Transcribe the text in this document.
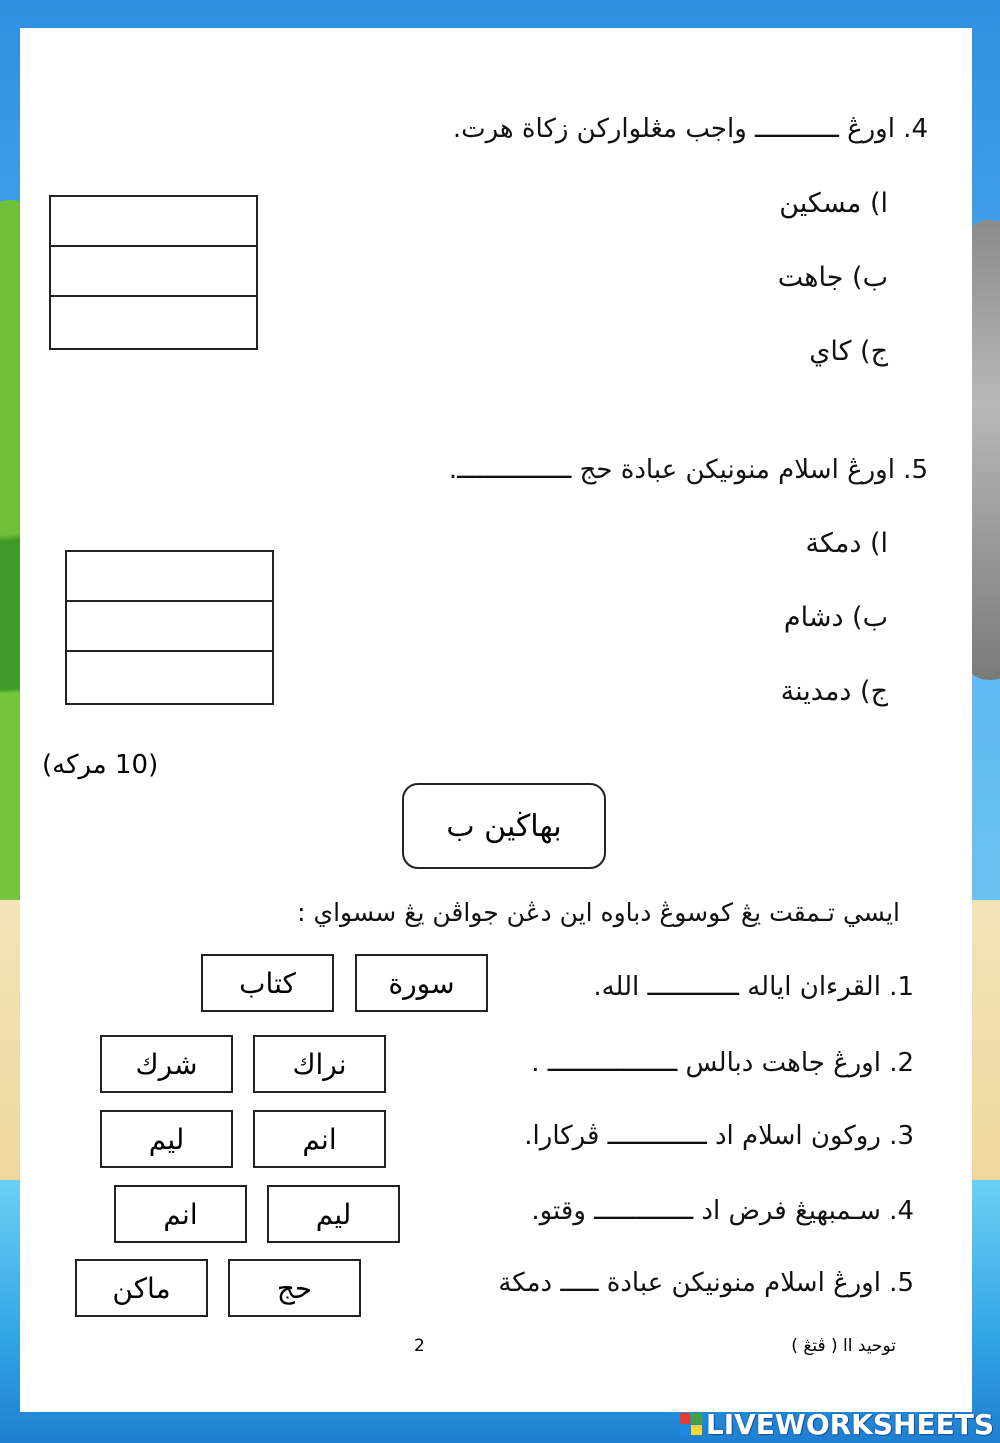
4. اورڠ ـــــــــــ واجب مڠلواركن زكاة هرت.
ا) مسكين
ب) جاهت
ج) كاي
5. اورڠ اسلام منونيكن عبادة حج ـــــــــــــــ.
ا) دمكة
ب) دشام
ج) دمدينة
(10 مركه)
بهاڬين ب
ايسي تـمقت يڠ كوسوڠ دباوه اين دڠن جواڤن يڠ سسواي :
1. القرءان اياله ــــــــــــ الله.
سورة
كتاب
2. اورڠ جاهت دبالس ـــــــــــــــــ .
نراك
شرك
3. روكون اسلام اد ـــــــــــــ ڤركارا.
انم
ليم
4. سـمبهيڠ فرض اد ـــــــــــــ وقتو.
ليم
انم
5. اورڠ اسلام منونيكن عبادة ـــــ دمكة
حج
ماكن
توحيد اا ( ڤتڠ )
2
LIVEWORKSHEETS
